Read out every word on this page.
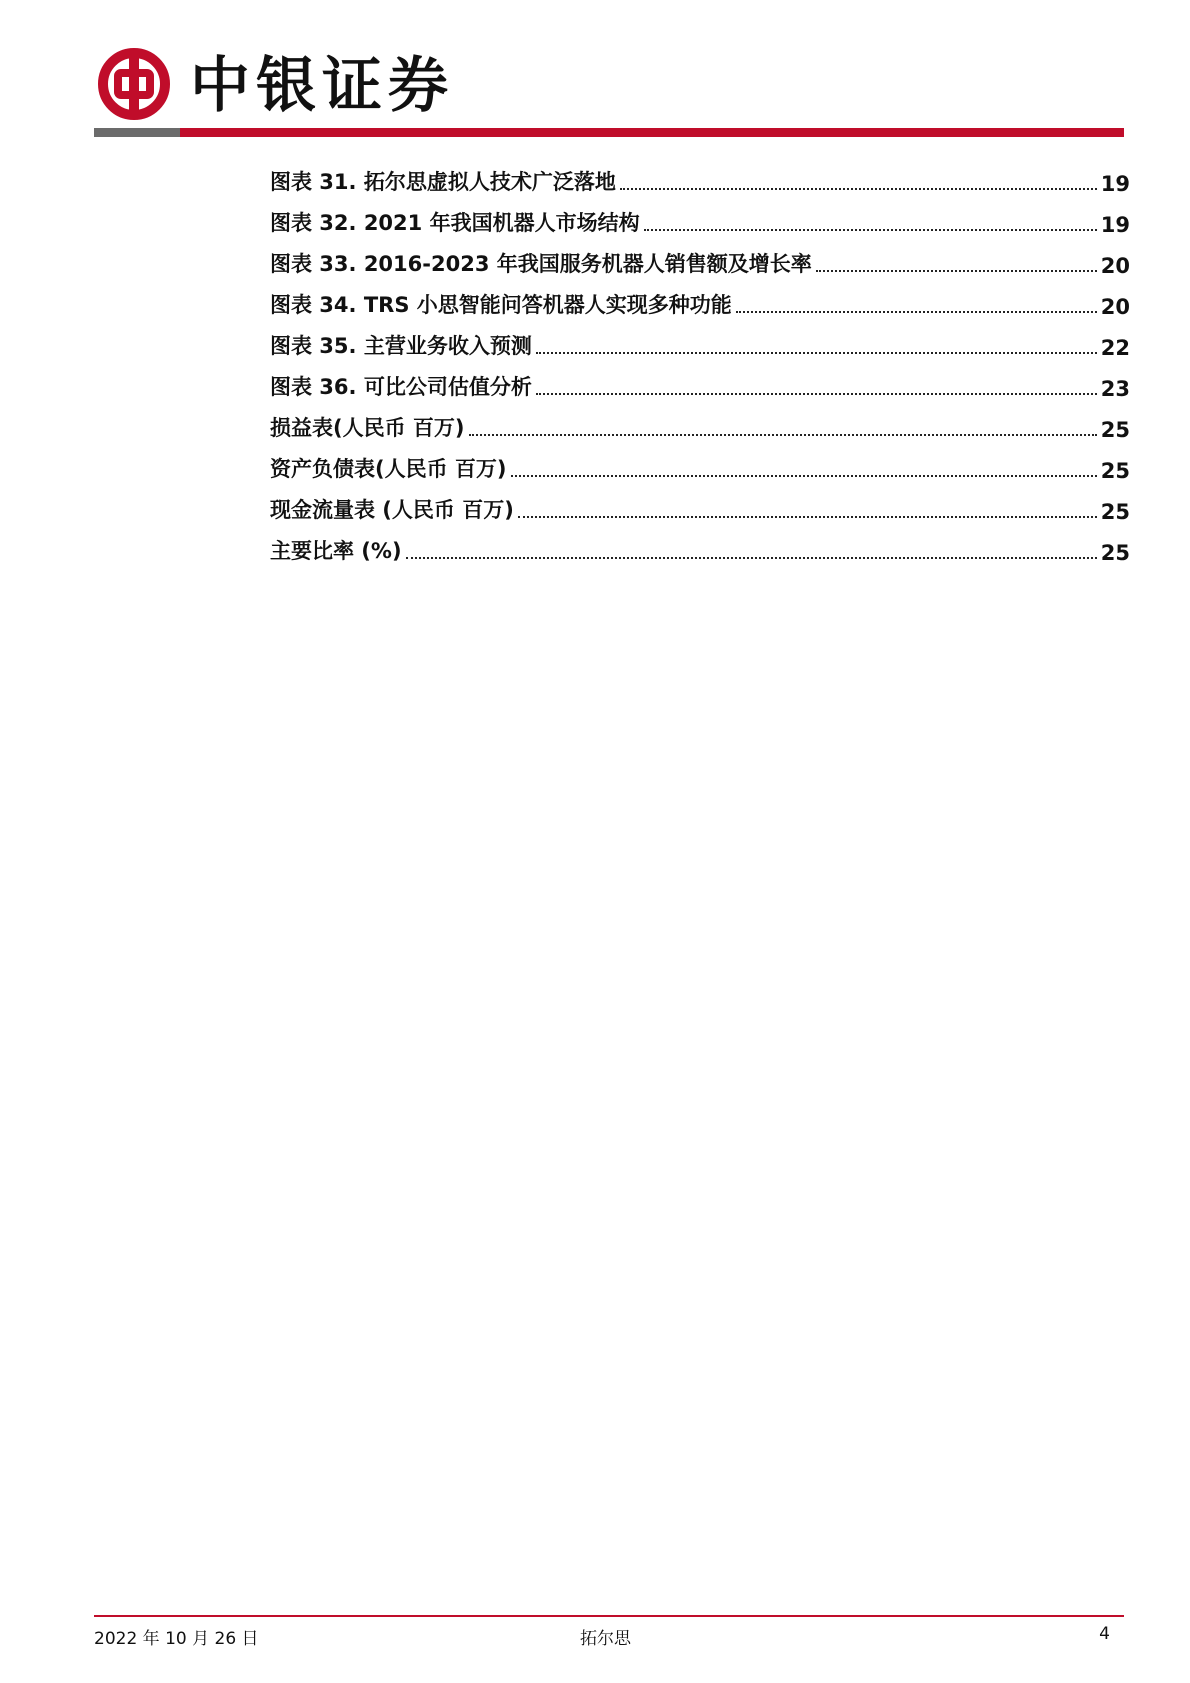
中银证券
图表 31. 拓尔思虚拟人技术广泛落地	19
图表 32. 2021 年我国机器人市场结构	19
图表 33. 2016-2023 年我国服务机器人销售额及增长率	20
图表 34. TRS 小思智能问答机器人实现多种功能	20
图表 35. 主营业务收入预测	22
图表 36. 可比公司估值分析	23
损益表(人民币 百万)	25
资产负债表(人民币 百万)	25
现金流量表 (人民币 百万)	25
主要比率 (%)	25
2022 年 10 月 26 日	拓尔思	4
